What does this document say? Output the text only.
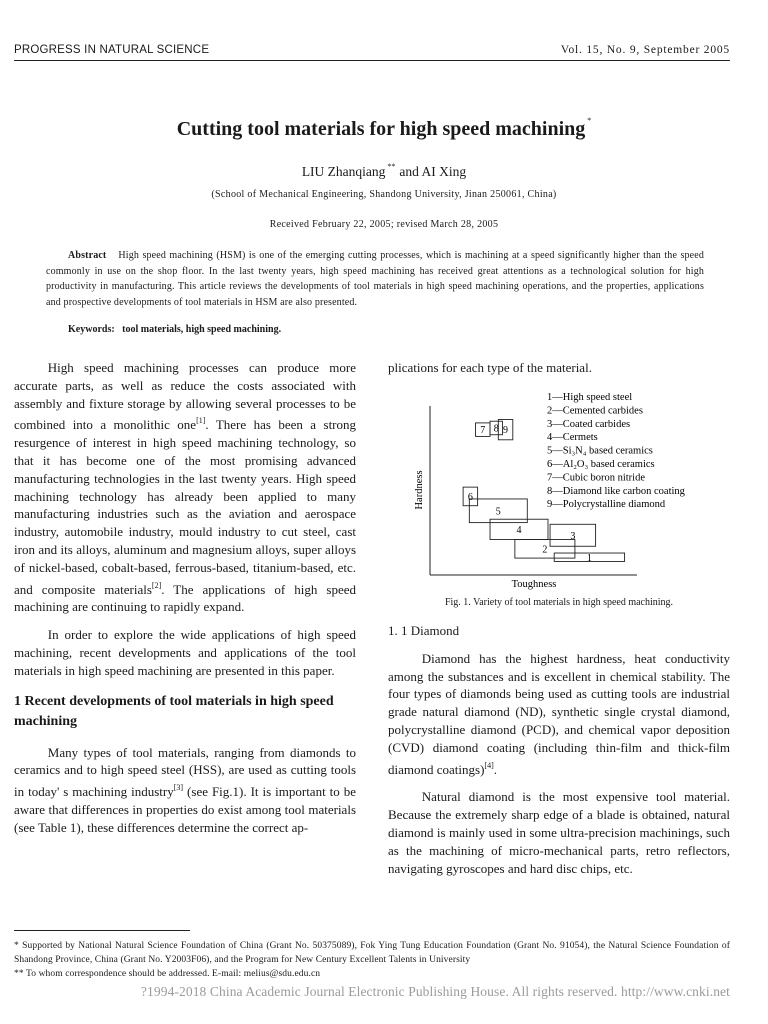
PROGRESS IN NATURAL SCIENCE	Vol. 15, No. 9, September 2005
Cutting tool materials for high speed machining *
LIU Zhanqiang ** and AI Xing
(School of Mechanical Engineering, Shandong University, Jinan 250061, China)
Received February 22, 2005; revised March 28, 2005
Abstract High speed machining (HSM) is one of the emerging cutting processes, which is machining at a speed significantly higher than the speed commonly in use on the shop floor. In the last twenty years, high speed machining has received great attentions as a technological solution for high productivity in manufacturing. This article reviews the developments of tool materials in high speed machining operations, and the properties, applications and prospective developments of tool materials in HSM are also presented.
Keywords: tool materials, high speed machining.

High speed machining processes can produce more accurate parts, as well as reduce the costs associated with assembly and fixture storage by allowing several processes to be combined into a monolithic one[1]. There has been a strong resurgence of interest in high speed machining technology, so that it has become one of the most promising advanced manufacturing technologies in the last twenty years. High speed machining technology has already been applied to many manufacturing industries such as the aviation and aerospace industry, automobile industry, mould industry to cut steel, cast iron and its alloys, aluminum and magnesium alloys, super alloys of nickel-based, cobalt-based, ferrous-based, titanium-based, etc. and composite materials[2]. The applications of high speed machining are continuing to rapidly expand.

In order to explore the wide applications of high speed machining, recent developments and applications of the tool materials in high speed machining are presented in this paper.

1 Recent developments of tool materials in high speed machining

Many types of tool materials, ranging from diamonds to ceramics and to high speed steel (HSS), are used as cutting tools in today' s machining industry[3] (see Fig.1). It is important to be aware that differences in properties do exist among tool materials (see Table 1), these differences determine the correct ap-

plications for each type of the material.

1
2
3
4
5
6
7 8 9
Hardness
Toughness
1—High speed steel
2—Cemented carbides
3—Coated carbides
4—Cermets
5—Si₃N₄ based ceramics
6—Al₂O₃ based ceramics
7—Cubic boron nitride
8—Diamond like carbon coating
9—Polycrystalline diamond
Fig. 1. Variety of tool materials in high speed machining.

1. 1 Diamond

Diamond has the highest hardness, heat conductivity among the substances and is excellent in chemical stability. The four types of diamonds being used as cutting tools are industrial grade natural diamond (ND), synthetic single crystal diamond, polycrystalline diamond (PCD), and chemical vapor deposition (CVD) diamond coating (including thin-film and thick-film diamond coatings)[4].

Natural diamond is the most expensive tool material. Because the extremely sharp edge of a blade is obtained, natural diamond is mainly used in some ultra-precision machinings, such as the machining of micro-mechanical parts, retro reflectors, navigating gyroscopes and hard disc chips, etc.

* Supported by National Natural Science Foundation of China (Grant No. 50375089), Fok Ying Tung Education Foundation (Grant No. 91054), the Natural Science Foundation of Shandong Province, China (Grant No. Y2003F06), and the Program for New Century Excellent Talents in University

** To whom correspondence should be addressed. E-mail: melius@sdu.edu.cn

?1994-2018 China Academic Journal Electronic Publishing House. All rights reserved. http://www.cnki.net
